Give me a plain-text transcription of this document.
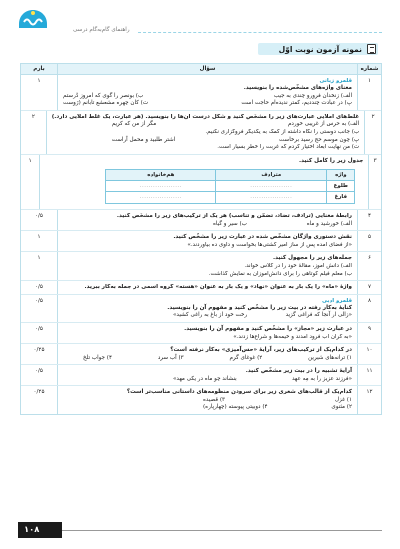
راهنمای گام‌به‌گام درسی
نمونه آزمون نوبت اوّل
شماره
سؤال
بارم
۱
قلمرو زبانی
معنای واژه‌های مشخّص‌شده را بنویسید.
الف) زنخدان فرورو چندی به جیب
ب) بونصر را گوی که امروز دُرستم
پ) در عبادت چنددیم، کمتر ندیده‌ام حاجت است
ت) کان چهره مشعشع تابانم (رَوست
۱
۲
غلط‌های املایی عبارت‌های زیر را مشخّص کنید و شکل درست آن‌ها را بنویسید. (هر عبارت، یک غلط املایی دارد.)
الف) به حرس از غریبی خوردم
مگر از من که کریم
ب) جانب دوستی را نگاه داشته از کمک به یکدیگر فروگزاری نکنیم.
پ) چون موسم حج رسید برخاست
اشتر طلبید و محمل آراست
ت) من نهایت ابعاد اختیار کردم که غربت را خطر بسیار است.
۲
۳
جدول زیر را کامل کنید.
واژه
مترادف
هم‌خانواده
طلوع
...................
...................
فارغ
...................
...................
۱
۴
رابطهٔ معنایی (ترادف، تضاد، تضمّن و تناسب) هر یک از ترکیب‌های زیر را مشخّص کنید.
الف) خورشید و ماه
ب) سیر و گیاه
۰/۵
۵
نقش دستوری واژگان مشخّص شده در عبارت زیر را مشخّص کنید.
«از فضای آمده پس از ساز امیر کشتی‌ها بخواست و داوی ده بیاوردند.»
۱
۶
جمله‌های زیر را مجهول کنید.
الف) دانش آموز، مقالهٔ خود را در کلاس خواند.
ب) معلّم فیلم کوتاهی را برای دانش‌آموزان به نمایش گذاشت.
۱
۷
واژهٔ «ماه» را یک بار به عنوان «نهاد» و یک بار به عنوان «هسته» گروه اسمی در جمله به‌کار ببرید.
۰/۵
۸
قلمرو ادبی
کنایهٔ به‌کار رفته در بیت زیر را مشخّص کنید و مفهوم آن را بنویسید.
«زالی ار آنجا که فراغی گزید
رخت خود از باغ به راغی کشید»
۰/۵
۹
در عبارت زیر «مجاز» را مشخّص کنید و مفهوم آن را بنویسید.
«به کران آب فرود آمدند و خیمه‌ها و شراع‌ها زدند.»
۰/۵
۱۰
در کدام‌یک از ترکیب‌های زیر، آرایهٔ «حس‌آمیزی» به‌کار نرفته است؟
۱) ترانه‌های شیرین
۲) غوغای گرم
۳) آب سرد
۴) جواب تلخ
۰/۲۵
۱۱
آرایهٔ تشبیه را در بیت زیر مشخّص کنید.
«فرزند عزیز را به مِه عهد
بنشاند چو ماه در یکی مهد»
۰/۵
۱۲
کدام‌یک از قالب‌های شعری زیر برای سرودن منظومه‌های داستانی مناسب‌تر است؟
۱) غزل
۳) قصیده
۲) مثنوی
۴) دوبیتی پیوسته (چهارپاره)
۰/۲۵
۱۰۸
